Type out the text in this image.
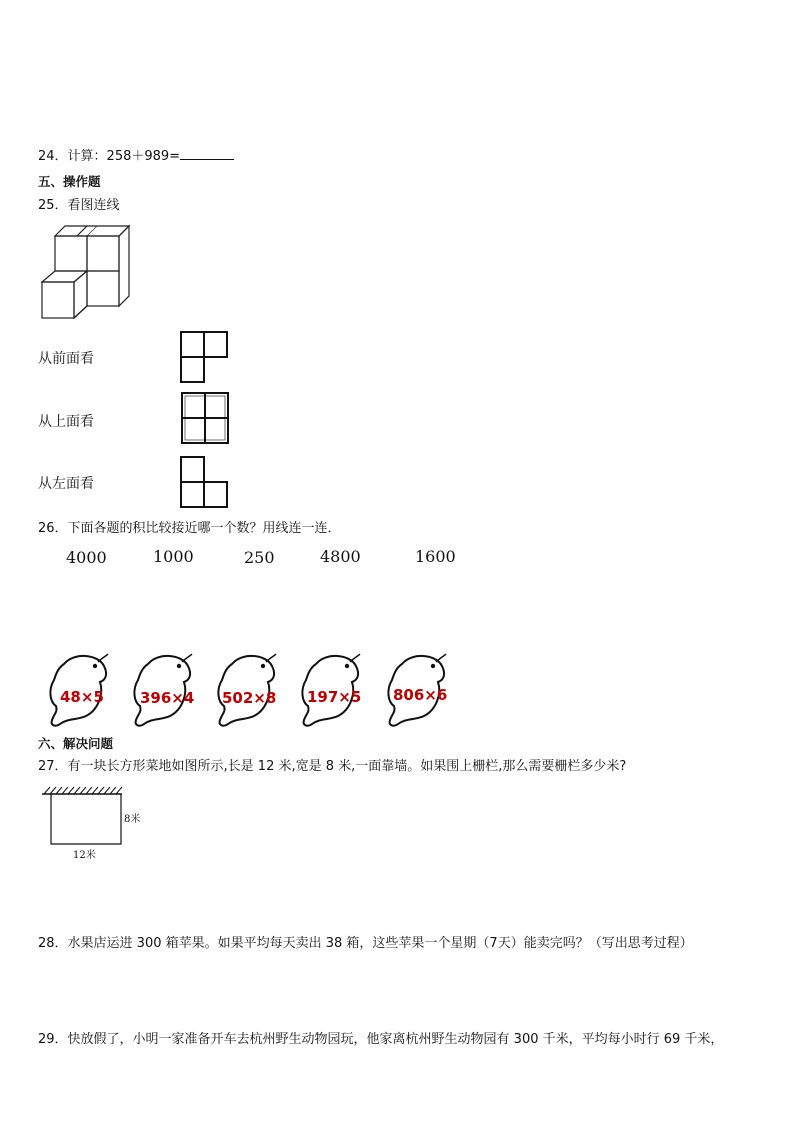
24．计算：258＋989=
五、操作题
25．看图连线
从前面看
从上面看
从左面看
26．下面各题的积比较接近哪一个数？用线连一连．
4000	1000	250	4800	1600
48×5 396×4 502×8 197×5 806×6
六、解决问题
27．有一块长方形菜地如图所示,长是 12 米,宽是 8 米,一面靠墙。如果围上栅栏,那么需要栅栏多少米?
8米
12米
28．水果店运进 300 箱苹果。如果平均每天卖出 38 箱，这些苹果一个星期（7天）能卖完吗？（写出思考过程）
29．快放假了，小明一家准备开车去杭州野生动物园玩，他家离杭州野生动物园有 300 千米，平均每小时行 69 千米，
